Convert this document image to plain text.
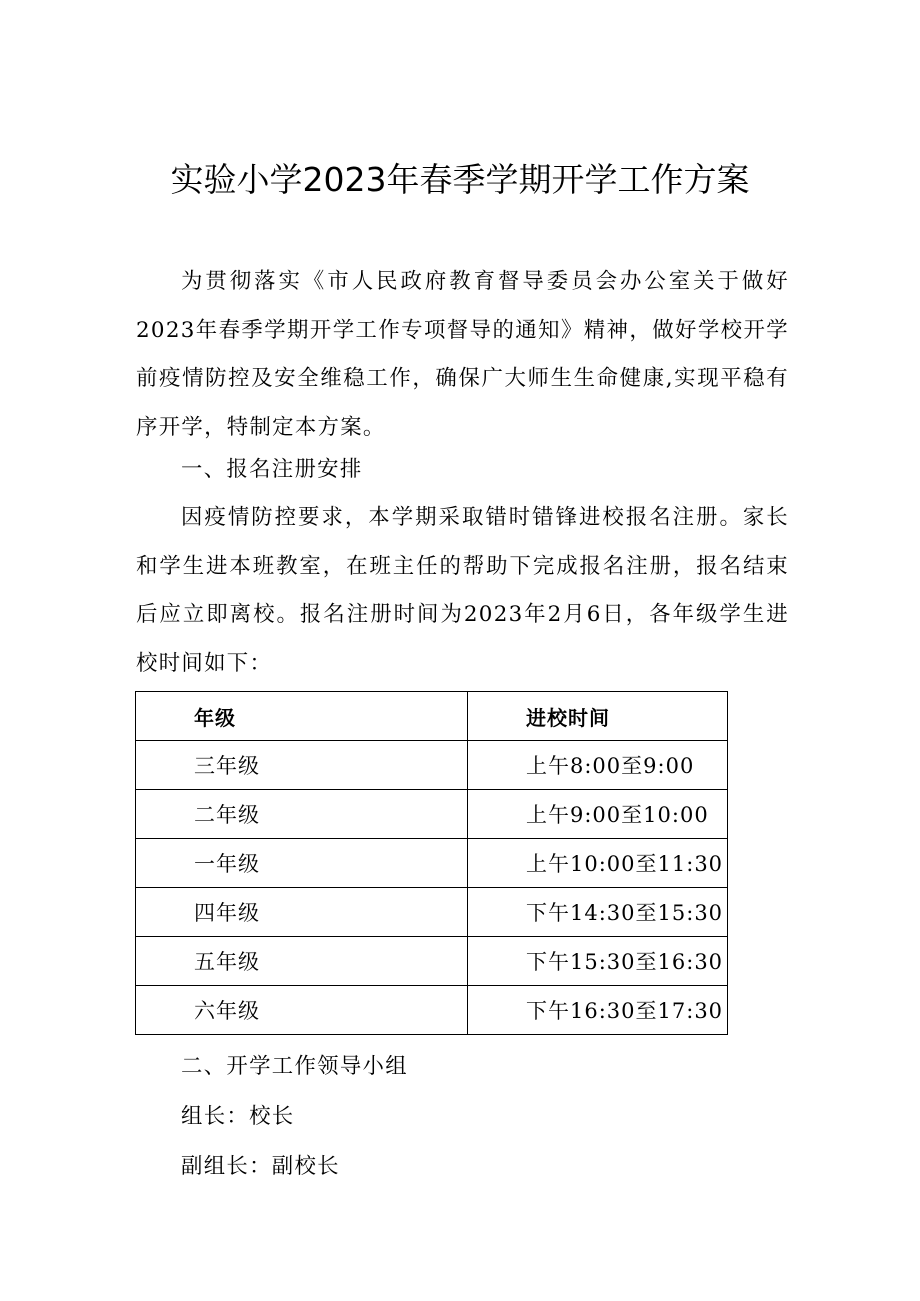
实验小学2023年春季学期开学工作方案

为贯彻落实《市人民政府教育督导委员会办公室关于做好2023年春季学期开学工作专项督导的通知》精神，做好学校开学前疫情防控及安全维稳工作，确保广大师生生命健康,实现平稳有序开学，特制定本方案。

一、报名注册安排

因疫情防控要求，本学期采取错时错锋进校报名注册。家长和学生进本班教室，在班主任的帮助下完成报名注册，报名结束后应立即离校。报名注册时间为2023年2月6日，各年级学生进校时间如下：

年级	进校时间
三年级	上午8:00至9:00
二年级	上午9:00至10:00
一年级	上午10:00至11:30
四年级	下午14:30至15:30
五年级	下午15:30至16:30
六年级	下午16:30至17:30

二、开学工作领导小组

组长：校长

副组长：副校长
